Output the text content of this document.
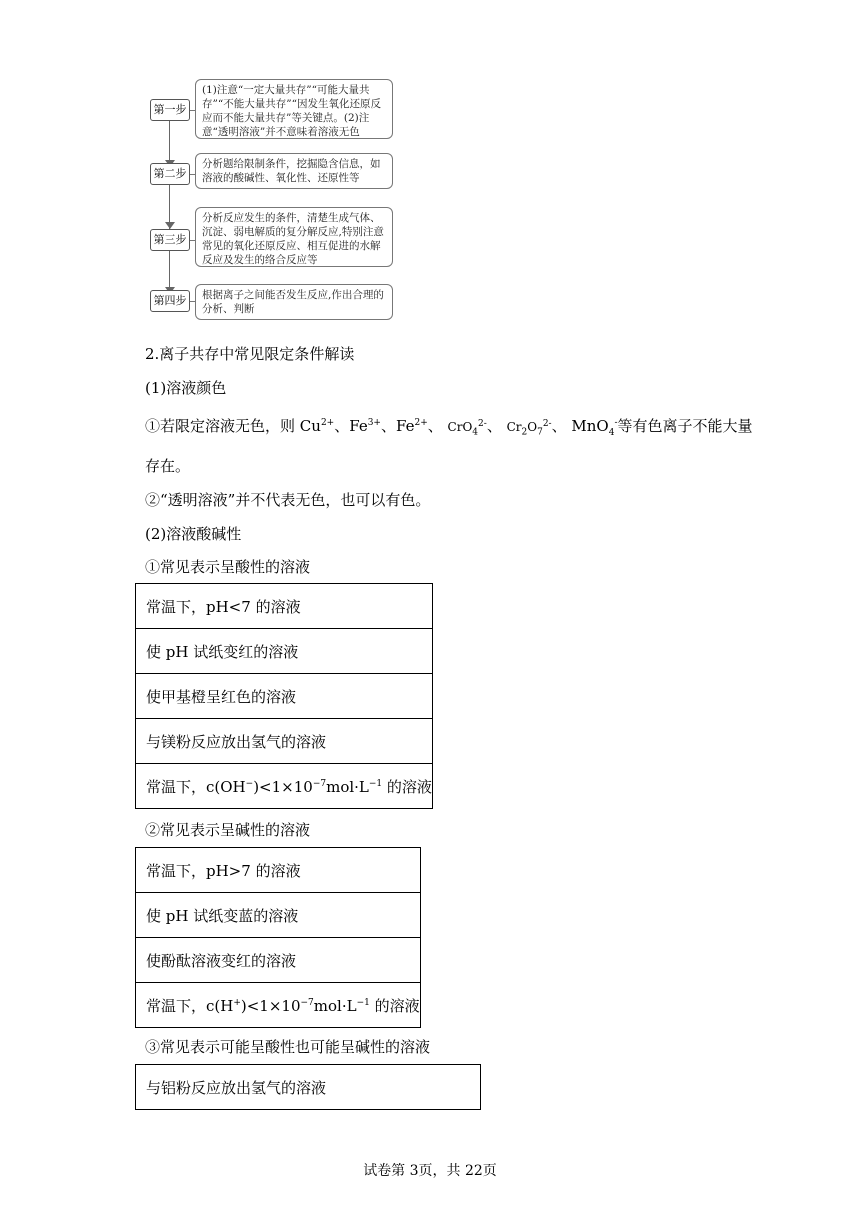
第一步
(1)注意“一定大量共存”“可能大量共存”“不能大量共存”“因发生氧化还原反应而不能大量共存”等关键点。(2)注意“透明溶液”并不意味着溶液无色
第二步
分析题给限制条件，挖掘隐含信息，如溶液的酸碱性、氧化性、还原性等
第三步
分析反应发生的条件，清楚生成气体、沉淀、弱电解质的复分解反应,特别注意常见的氧化还原反应、相互促进的水解反应及发生的络合反应等
第四步	根据离子之间能否发生反应,作出合理的分析、判断
2.离子共存中常见限定条件解读
(1)溶液颜色
①若限定溶液无色，则 $Cu^{2+}$、$Fe^{3+}$、$Fe^{2+}$、 CrO$_4^{2-}$、 $Cr_2O_7^{2-}$、 MnO$_4$-等有色离子不能大量
存在。
②“透明溶液”并不代表无色，也可以有色。
(2)溶液酸碱性
①常见表示呈酸性的溶液
常温下，pH<7 的溶液
使 pH 试纸变红的溶液
使甲基橙呈红色的溶液
与镁粉反应放出氢气的溶液
常温下，$c(OH^-)<1\times 10^{-7}mol\cdot L^{-1}$ 的溶液
②常见表示呈碱性的溶液
常温下，pH>7 的溶液
使 pH 试纸变蓝的溶液
使酚酞溶液变红的溶液
常温下，$c(H^+)<1\times 10^{-7}mol\cdot L^{-1}$ 的溶液
③常见表示可能呈酸性也可能呈碱性的溶液
与铝粉反应放出氢气的溶液
试卷第 3页，共 22页
